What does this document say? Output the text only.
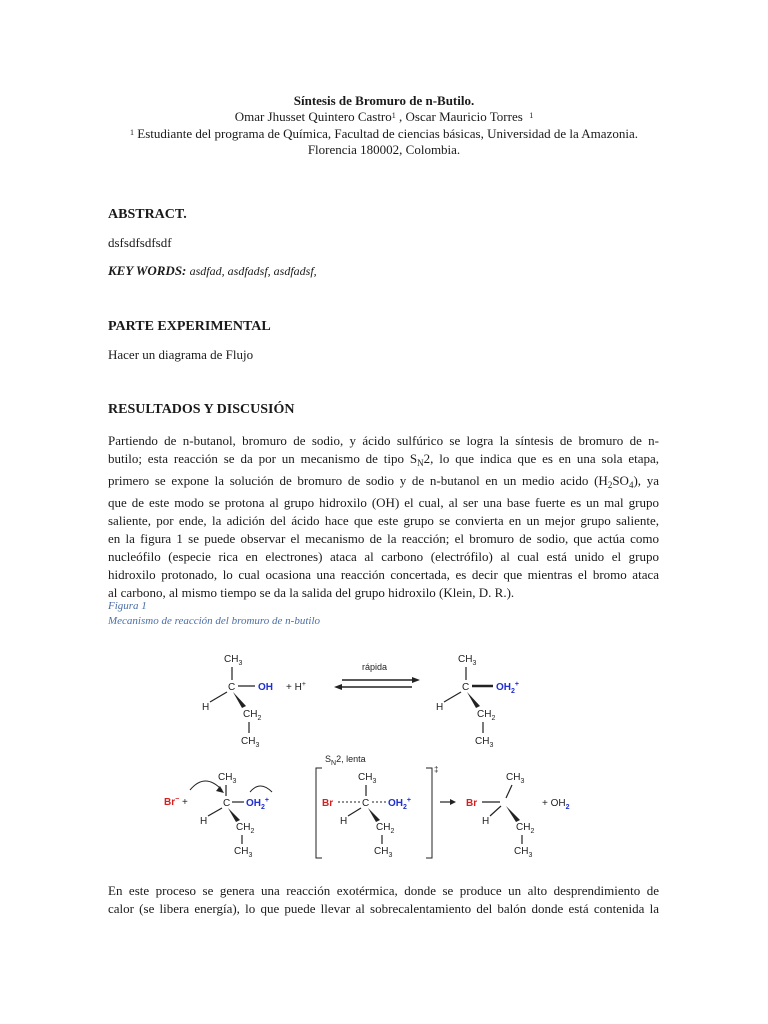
Síntesis de Bromuro de n-Butilo.
Omar Jhusset Quintero Castro$^1$ , Oscar Mauricio Torres $^1$
$^1$ Estudiante del programa de Química, Facultad de ciencias básicas, Universidad de la Amazonia.
Florencia 180002, Colombia.
ABSTRACT.
dsfsdfsdfsdf
KEY WORDS: asdfad, asdfadsf, asdfadsf,
PARTE EXPERIMENTAL
Hacer un diagrama de Flujo
RESULTADOS Y DISCUSIÓN
Partiendo de n-butanol, bromuro de sodio, y ácido sulfúrico se logra la síntesis de bromuro de n-
butilo; esta reacción se da por un mecanismo de tipo $S_N2$, lo que indica que es en una sola etapa,
primero se expone la solución de bromuro de sodio y de n-butanol en un medio acido $(H_2SO_4)$, ya
que de este modo se protona al grupo hidroxilo (OH) el cual, al ser una base fuerte es un mal grupo
saliente, por ende, la adición del ácido hace que este grupo se convierta en un mejor grupo saliente,
en la figura 1 se puede observar el mecanismo de la reacción; el bromuro de sodio, que actúa como
nucleófilo (especie rica en electrones) ataca al carbono (electrófilo) al cual está unido el grupo
hidroxilo protonado, lo cual ocasiona una reacción concertada, es decir que mientras el bromo ataca
al carbono, al mismo tiempo se da la salida del grupo hidroxilo (Klein, D. R.).
Figura 1
Mecanismo de reacción del bromuro de n-butilo
$CH_3$
C OH
H
$CH_2$
$CH_3$
+ H+
rápida
$CH_3$
C	$OH_2^+$
H
$CH_2$
$CH_3$
Br− +
$CH_3$
C $OH_2^+$
H
$CH_2$
$CH_3$
$S_N2$, lenta
‡
Br
$CH_3$
C $OH_2^+$
H
$CH_2$
$CH_3$
Br
$CH_3$
H
$CH_2$
$CH_3$
+ $OH_2$
En este proceso se genera una reacción exotérmica, donde se produce un alto desprendimiento de
calor (se libera energía), lo que puede llevar al sobrecalentamiento del balón donde está contenida la
